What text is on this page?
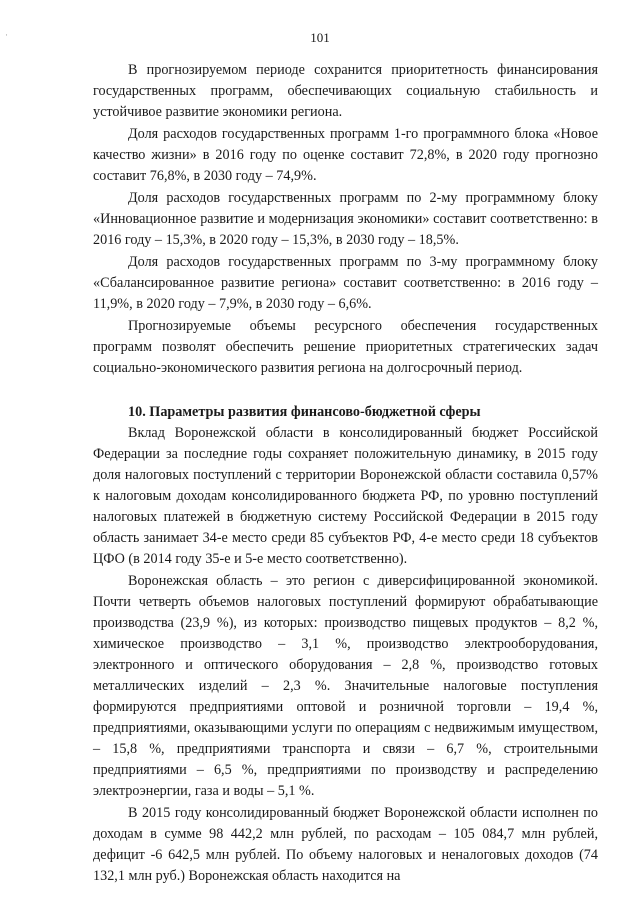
·	101

В прогнозируемом периоде сохранится приоритетность финансирования государственных программ, обеспечивающих социальную стабильность и устойчивое развитие экономики региона.

Доля расходов государственных программ 1-го программного блока «Новое качество жизни» в 2016 году по оценке составит 72,8%, в 2020 году прогнозно составит 76,8%, в 2030 году – 74,9%.

Доля расходов государственных программ по 2-му программному блоку «Инновационное развитие и модернизация экономики» составит соответственно: в 2016 году – 15,3%, в 2020 году – 15,3%, в 2030 году – 18,5%.

Доля расходов государственных программ по 3-му программному блоку «Сбалансированное развитие региона» составит соответственно: в 2016 году – 11,9%, в 2020 году – 7,9%, в 2030 году – 6,6%.

Прогнозируемые объемы ресурсного обеспечения государственных программ позволят обеспечить решение приоритетных стратегических задач социально-экономического развития региона на долгосрочный период.

10. Параметры развития финансово-бюджетной сферы

Вклад Воронежской области в консолидированный бюджет Российской Федерации за последние годы сохраняет положительную динамику, в 2015 году доля налоговых поступлений с территории Воронежской области составила 0,57% к налоговым доходам консолидированного бюджета РФ, по уровню поступлений налоговых платежей в бюджетную систему Российской Федерации в 2015 году область занимает 34-е место среди 85 субъектов РФ, 4-е место среди 18 субъектов ЦФО (в 2014 году 35-е и 5-е место соответственно).

Воронежская область – это регион с диверсифицированной экономикой. Почти четверть объемов налоговых поступлений формируют обрабатывающие производства (23,9 %), из которых: производство пищевых продуктов – 8,2 %, химическое производство – 3,1 %, производство электрооборудования, электронного и оптического оборудования – 2,8 %, производство готовых металлических изделий – 2,3 %. Значительные налоговые поступления формируются предприятиями оптовой и розничной торговли – 19,4 %, предприятиями, оказывающими услуги по операциям с недвижимым имуществом, – 15,8 %, предприятиями транспорта и связи – 6,7 %, строительными предприятиями – 6,5 %, предприятиями по производству и распределению электроэнергии, газа и воды – 5,1 %.

В 2015 году консолидированный бюджет Воронежской области исполнен по доходам в сумме 98 442,2 млн рублей, по расходам – 105 084,7 млн рублей, дефицит -6 642,5 млн рублей. По объему налоговых и неналоговых доходов (74 132,1 млн руб.) Воронежская область находится на
